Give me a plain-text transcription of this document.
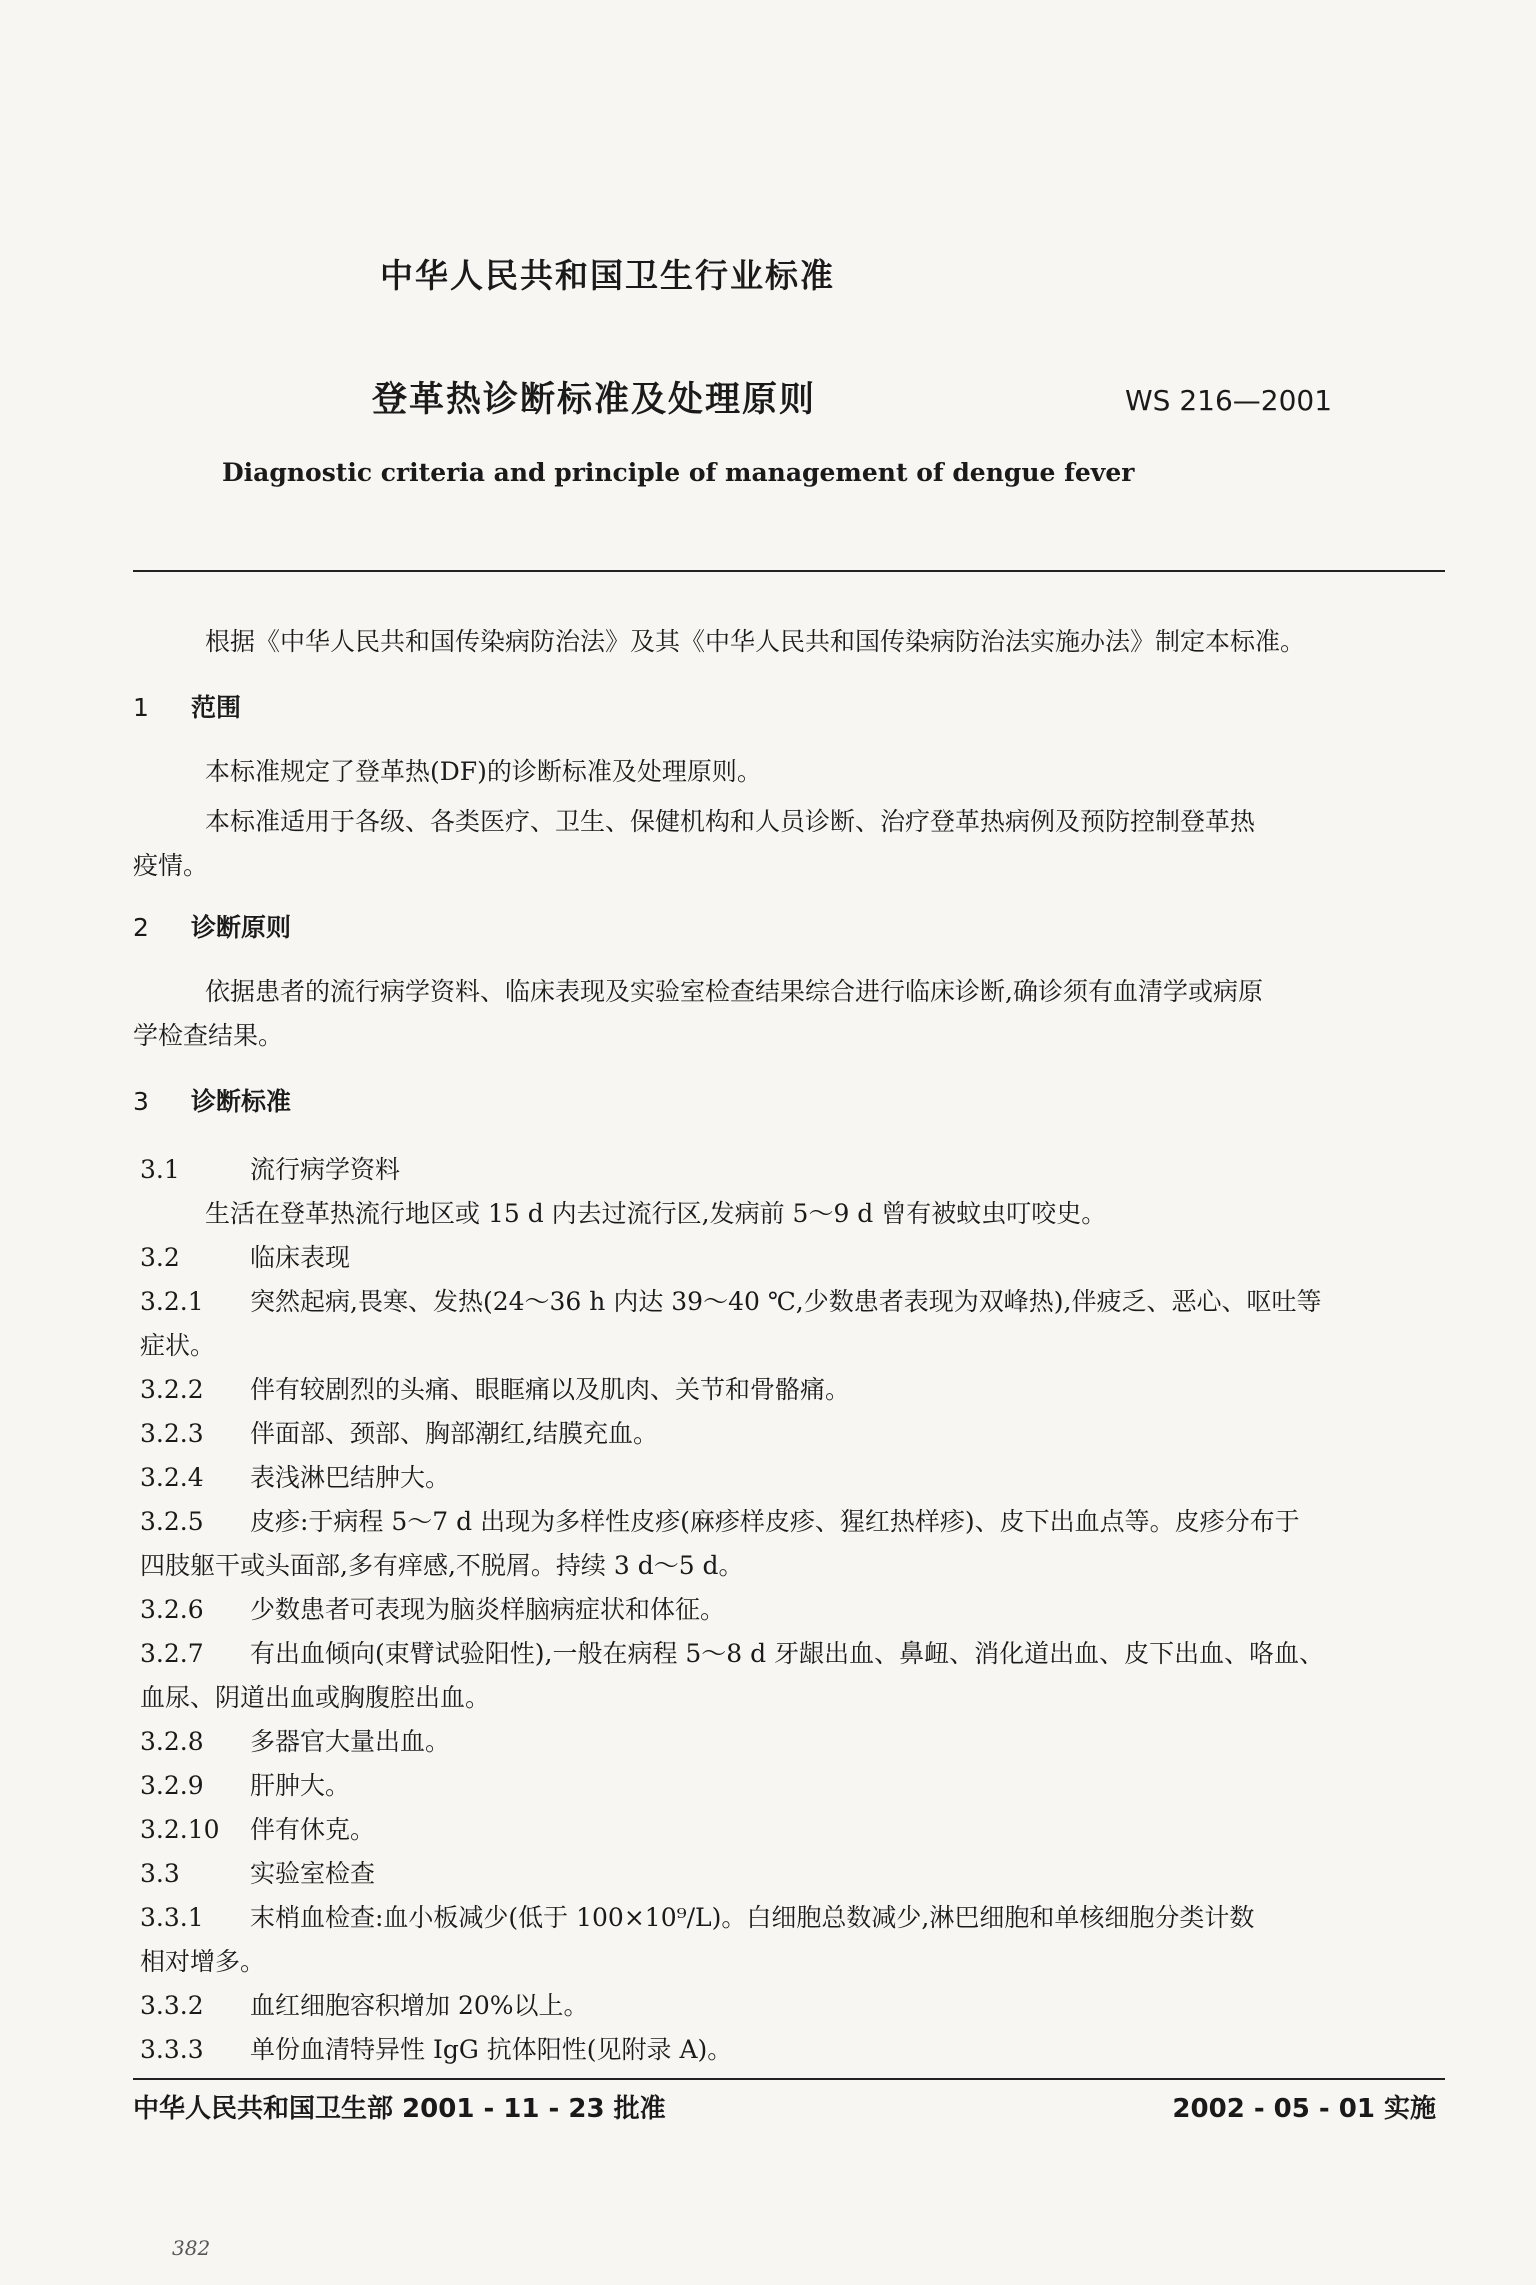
中华人民共和国卫生行业标准
登革热诊断标准及处理原则	WS 216—2001
Diagnostic criteria and principle of management of dengue fever
根据《中华人民共和国传染病防治法》及其《中华人民共和国传染病防治法实施办法》制定本标准。
1 范围
本标准规定了登革热(DF)的诊断标准及处理原则。
本标准适用于各级、各类医疗、卫生、保健机构和人员诊断、治疗登革热病例及预防控制登革热
疫情。
2 诊断原则
依据患者的流行病学资料、临床表现及实验室检查结果综合进行临床诊断,确诊须有血清学或病原
学检查结果。
3 诊断标准
3.1	流行病学资料
生活在登革热流行地区或 15 d 内去过流行区,发病前 5～9 d 曾有被蚊虫叮咬史。
3.2	临床表现
3.2.1 突然起病,畏寒、发热(24～36 h 内达 39～40 ℃,少数患者表现为双峰热),伴疲乏、恶心、呕吐等
症状。
3.2.2 伴有较剧烈的头痛、眼眶痛以及肌肉、关节和骨骼痛。
3.2.3 伴面部、颈部、胸部潮红,结膜充血。
3.2.4 表浅淋巴结肿大。
3.2.5 皮疹:于病程 5～7 d 出现为多样性皮疹(麻疹样皮疹、猩红热样疹)、皮下出血点等。皮疹分布于
四肢躯干或头面部,多有痒感,不脱屑。持续 3 d～5 d。
3.2.6 少数患者可表现为脑炎样脑病症状和体征。
3.2.7 有出血倾向(束臂试验阳性),一般在病程 5～8 d 牙龈出血、鼻衄、消化道出血、皮下出血、咯血、
血尿、阴道出血或胸腹腔出血。
3.2.8 多器官大量出血。
3.2.9 肝肿大。
3.2.10 伴有休克。
3.3	实验室检查
3.3.1 末梢血检查:血小板减少(低于 100×10⁹/L)。白细胞总数减少,淋巴细胞和单核细胞分类计数
相对增多。
3.3.2 血红细胞容积增加 20%以上。
3.3.3 单份血清特异性 IgG 抗体阳性(见附录 A)。
中华人民共和国卫生部 2001 - 11 - 23 批准	2002 - 05 - 01 实施
382
